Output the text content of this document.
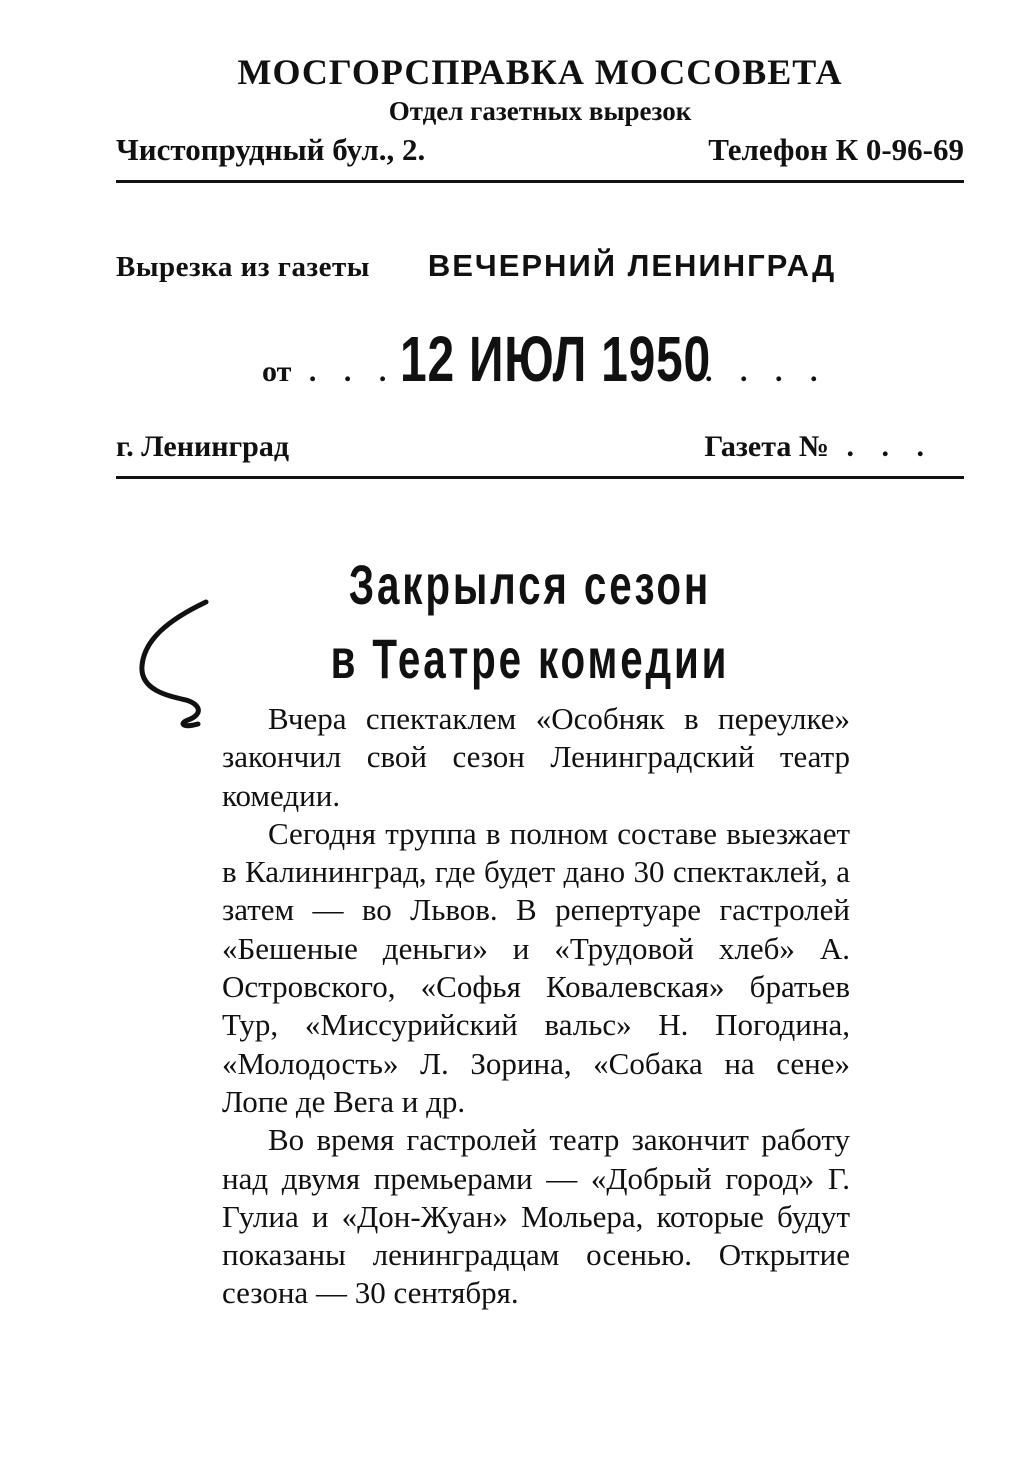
МОСГОРСПРАВКА МОССОВЕТА
Отдел газетных вырезок
Чистопрудный бул., 2.	Телефон К 0-96-69
Вырезка из газеты ВЕЧЕРНИЙ ЛЕНИНГРАД
от . . . 12 ИЮЛ 1950
. . . .
г. Ленинград	Газета № . . .
Закрылся сезон
в Театре комедии

Вчера спектаклем «Особняк в переулке» закончил свой сезон Ленинградский театр комедии.

Сегодня труппа в полном составе выезжает в Калининград, где будет дано 30 спектаклей, а затем — во Львов. В репертуаре гастролей «Бешеные деньги» и «Трудовой хлеб» А. Островского, «Софья Ковалевская» братьев Тур, «Миссурийский вальс» Н. Погодина, «Молодость» Л. Зорина, «Собака на сене» Лопе де Вега и др.

Во время гастролей театр закончит работу над двумя премьерами — «Добрый город» Г. Гулиа и «Дон-Жуан» Мольера, которые будут показаны ленинградцам осенью. Открытие сезона — 30 сентября.
